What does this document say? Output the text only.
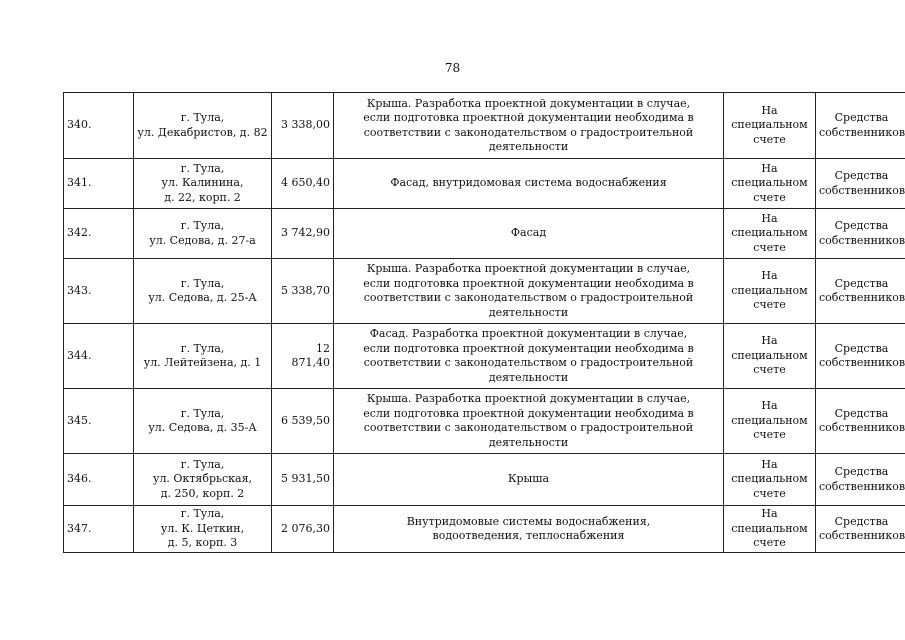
78
340.	г. Тула,
ул. Декабристов, д. 82	3 338,00	Крыша. Разработка проектной документации в случае,
если подготовка проектной документации необходима в
соответствии с законодательством о градостроительной
деятельности	На
специальном
счете	Средства
собственников

341.	г. Тула,
ул. Калинина,
д. 22, корп. 2	4 650,40	Фасад, внутридомовая система водоснабжения	На
специальном
счете	Средства
собственников

342.	г. Тула,
ул. Седова, д. 27-а	3 742,90	Фасад	На
специальном
счете	Средства
собственников

343.	г. Тула,
ул. Седова, д. 25-А	5 338,70	Крыша. Разработка проектной документации в случае,
если подготовка проектной документации необходима в
соответствии с законодательством о градостроительной
деятельности	На
специальном
счете	Средства
собственников

344.	г. Тула,
ул. Лейтейзена, д. 1	12 871,40	Фасад. Разработка проектной документации в случае,
если подготовка проектной документации необходима в
соответствии с законодательством о градостроительной
деятельности	На
специальном
счете	Средства
собственников

345.	г. Тула,
ул. Седова, д. 35-А	6 539,50	Крыша. Разработка проектной документации в случае,
если подготовка проектной документации необходима в
соответствии с законодательством о градостроительной
деятельности	На
специальном
счете	Средства
собственников

346.	г. Тула,
ул. Октябрьская,
д. 250, корп. 2	5 931,50	Крыша	На
специальном
счете	Средства
собственников

347.	г. Тула,
ул. К. Цеткин,
д. 5, корп. 3	2 076,30	Внутридомовые системы водоснабжения,
водоотведения, теплоснабжения	На
специальном
счете	Средства
собственников
